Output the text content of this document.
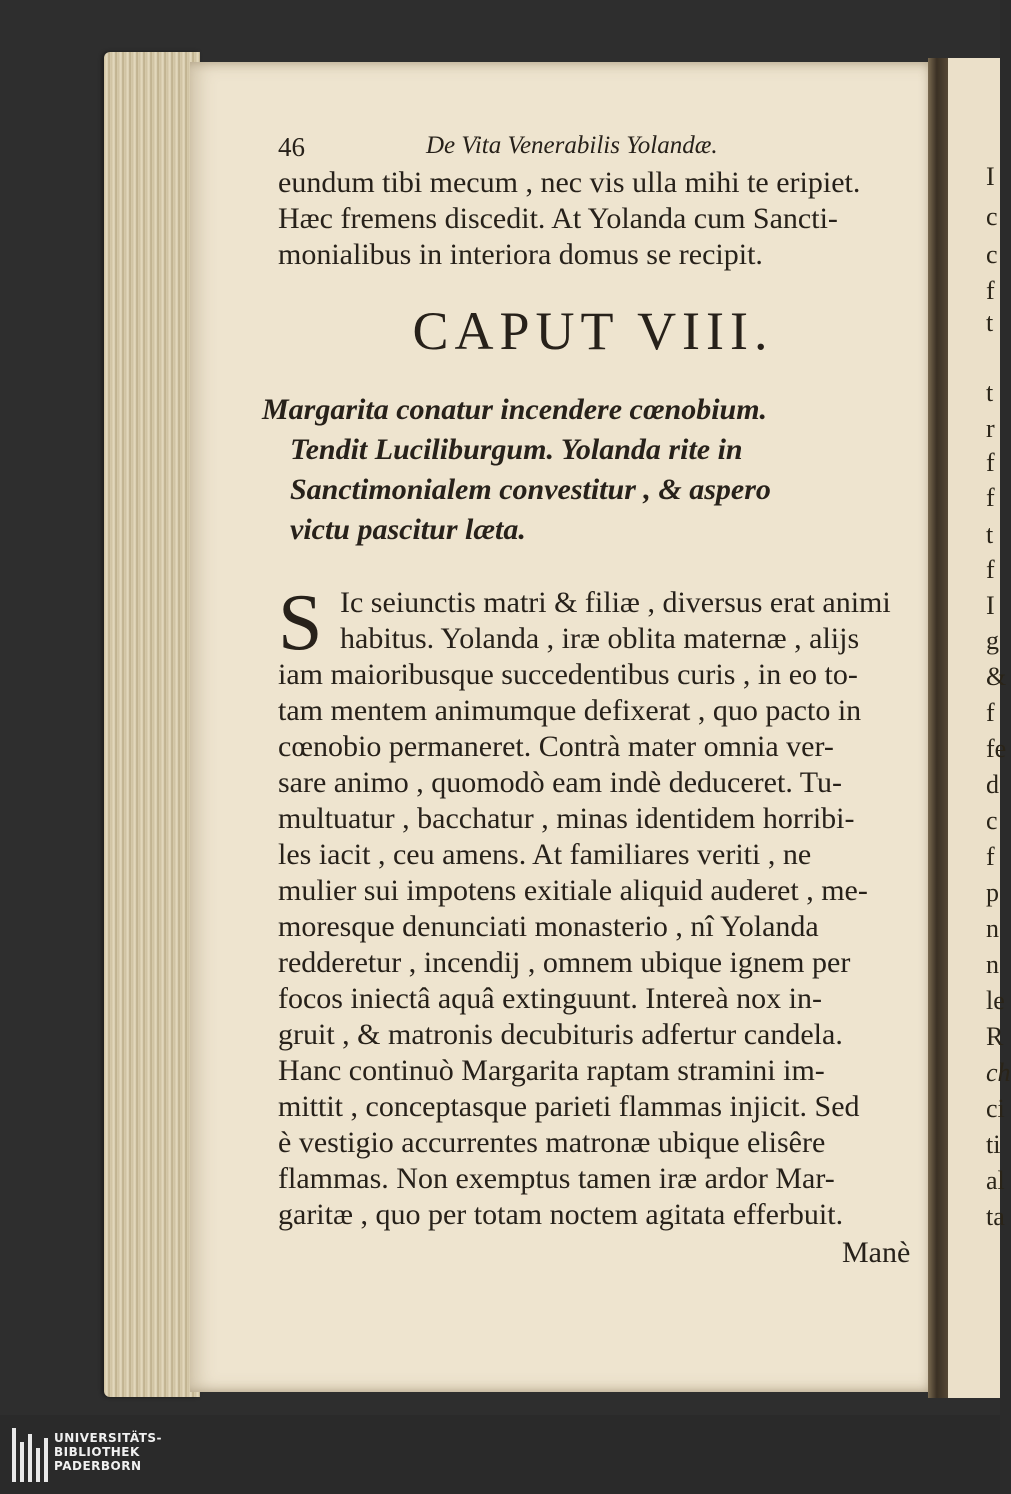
I
c
c
f
t
t
r
f
f
t
f
I
g
&
f
fe
d
c
f
p
n
n
le
R
ch
ci
ti
al
ta
46	De Vita Venerabilis Yolandæ.
eundum tibi mecum , nec vis ulla mihi te eripiet.
Hæc fremens discedit. At Yolanda cum Sancti-
monialibus in interiora domus se recipit.
CAPUT VIII.
Margarita conatur incendere cœnobium.
Tendit Luciliburgum. Yolanda rite in
Sanctimonialem convestitur , & aspero
victu pascitur læta.
S Ic seiunctis matri & filiæ , diversus erat animi
habitus. Yolanda , iræ oblita maternæ , alijs
iam maioribusque succedentibus curis , in eo to-
tam mentem animumque defixerat , quo pacto in
cœnobio permaneret. Contrà mater omnia ver-
sare animo , quomodò eam indè deduceret. Tu-
multuatur , bacchatur , minas identidem horribi-
les iacit , ceu amens. At familiares veriti , ne
mulier sui impotens exitiale aliquid auderet , me-
moresque denunciati monasterio , nî Yolanda
redderetur , incendij , omnem ubique ignem per
focos iniectâ aquâ extinguunt. Intereà nox in-
gruit , & matronis decubituris adfertur candela.
Hanc continuò Margarita raptam stramini im-
mittit , conceptasque parieti flammas injicit. Sed
è vestigio accurrentes matronæ ubique elisêre
flammas. Non exemptus tamen iræ ardor Mar-
garitæ , quo per totam noctem agitata efferbuit.
Manè
UNIVERSITÄTS-
BIBLIOTHEK
PADERBORN
